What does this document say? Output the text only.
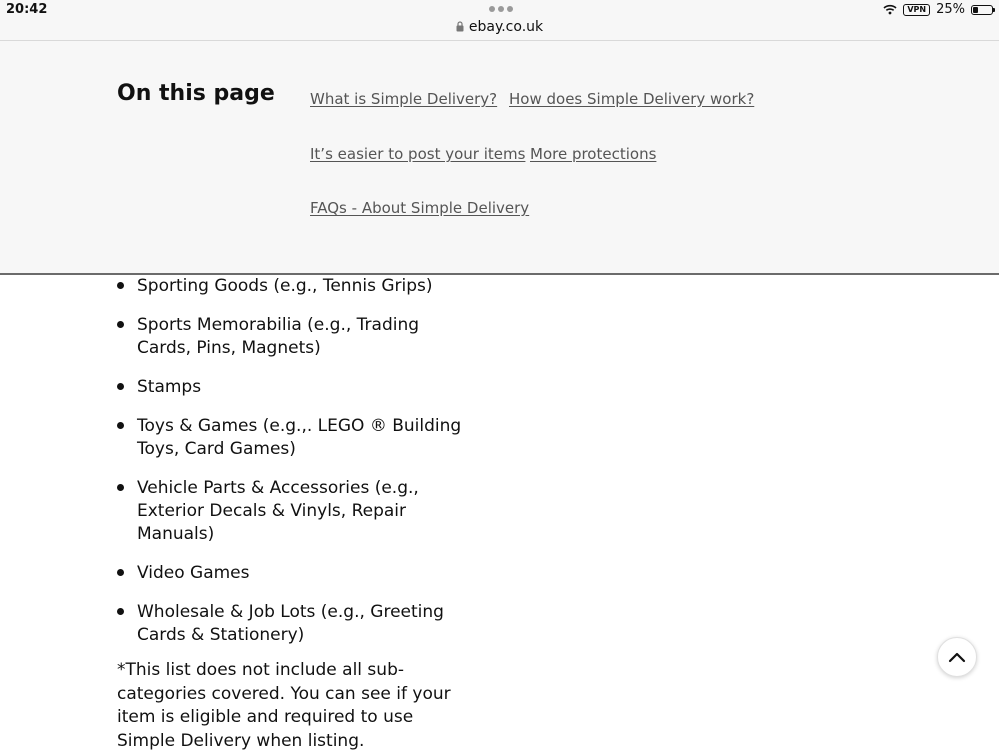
20:42
ebay.co.uk
VPN 25%
On this page What is Simple Delivery? How does Simple Delivery work?
It’s easier to post your items More protections
FAQs - About Simple Delivery
Sporting Goods (e.g., Tennis Grips)
Sports Memorabilia (e.g., Trading Cards, Pins, Magnets)
Stamps
Toys & Games (e.g.,. LEGO ® Building Toys, Card Games)
Vehicle Parts & Accessories (e.g., Exterior Decals & Vinyls, Repair Manuals)
Video Games
Wholesale & Job Lots (e.g., Greeting Cards & Stationery)

*This list does not include all sub-categories covered. You can see if your item is eligible and required to use Simple Delivery when listing.
